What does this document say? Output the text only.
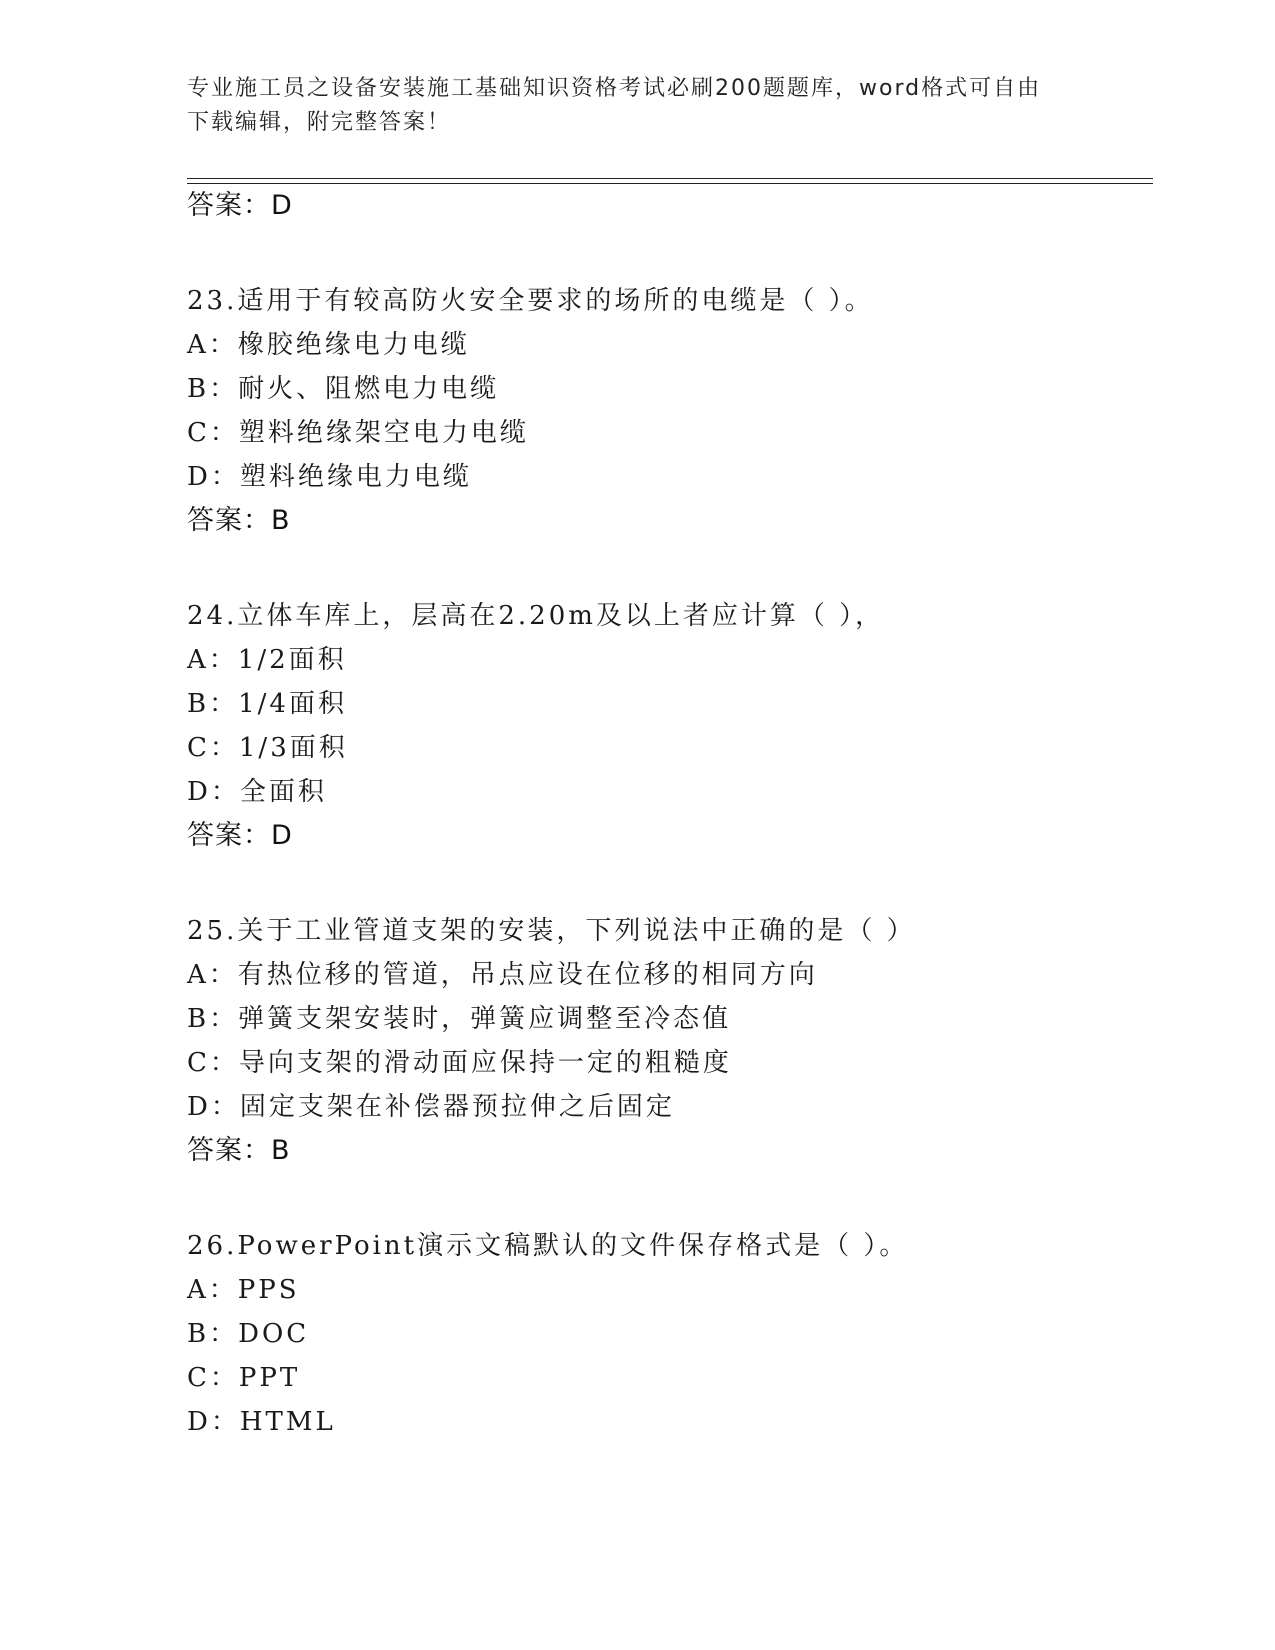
专业施工员之设备安装施工基础知识资格考试必刷200题题库，word格式可自由
下载编辑，附完整答案！
答案：D
23.适用于有较高防火安全要求的场所的电缆是（ ）。
A：橡胶绝缘电力电缆
B：耐火、阻燃电力电缆
C：塑料绝缘架空电力电缆
D：塑料绝缘电力电缆
答案：B
24.立体车库上，层高在2.20m及以上者应计算（ ），
A：1/2面积
B：1/4面积
C：1/3面积
D：全面积
答案：D
25.关于工业管道支架的安装，下列说法中正确的是（ ）
A：有热位移的管道，吊点应设在位移的相同方向
B：弹簧支架安装时，弹簧应调整至冷态值
C：导向支架的滑动面应保持一定的粗糙度
D：固定支架在补偿器预拉伸之后固定
答案：B
26.PowerPoint演示文稿默认的文件保存格式是（ ）。
A：PPS
B：DOC
C：PPT
D：HTML
